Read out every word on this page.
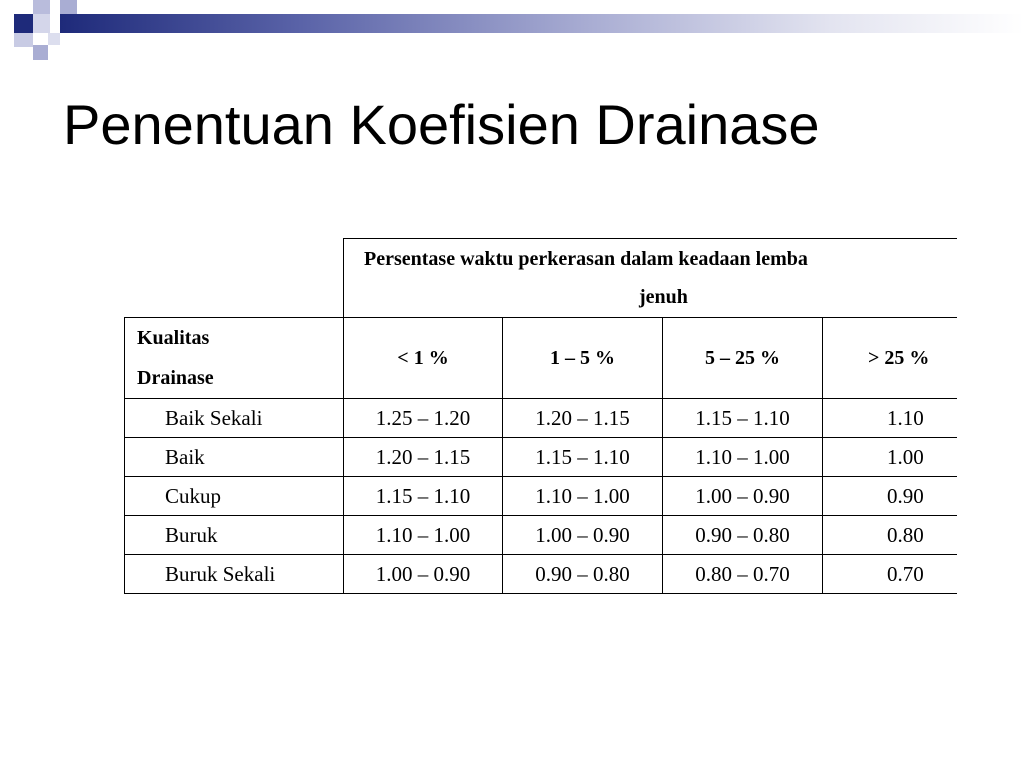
Penentuan Koefisien Drainase

	Persentase waktu perkerasan dalam keadaan lemba
jenuh			

Kualitas
Drainase	< 1 %	1 – 5 %	5 – 25 %	> 25 %
Baik Sekali	1.25 – 1.20	1.20 – 1.15	1.15 – 1.10	1.10
Baik	1.20 – 1.15	1.15 – 1.10	1.10 – 1.00	1.00
Cukup	1.15 – 1.10	1.10 – 1.00	1.00 – 0.90	0.90
Buruk	1.10 – 1.00	1.00 – 0.90	0.90 – 0.80	0.80
Buruk Sekali	1.00 – 0.90	0.90 – 0.80	0.80 – 0.70	0.70
